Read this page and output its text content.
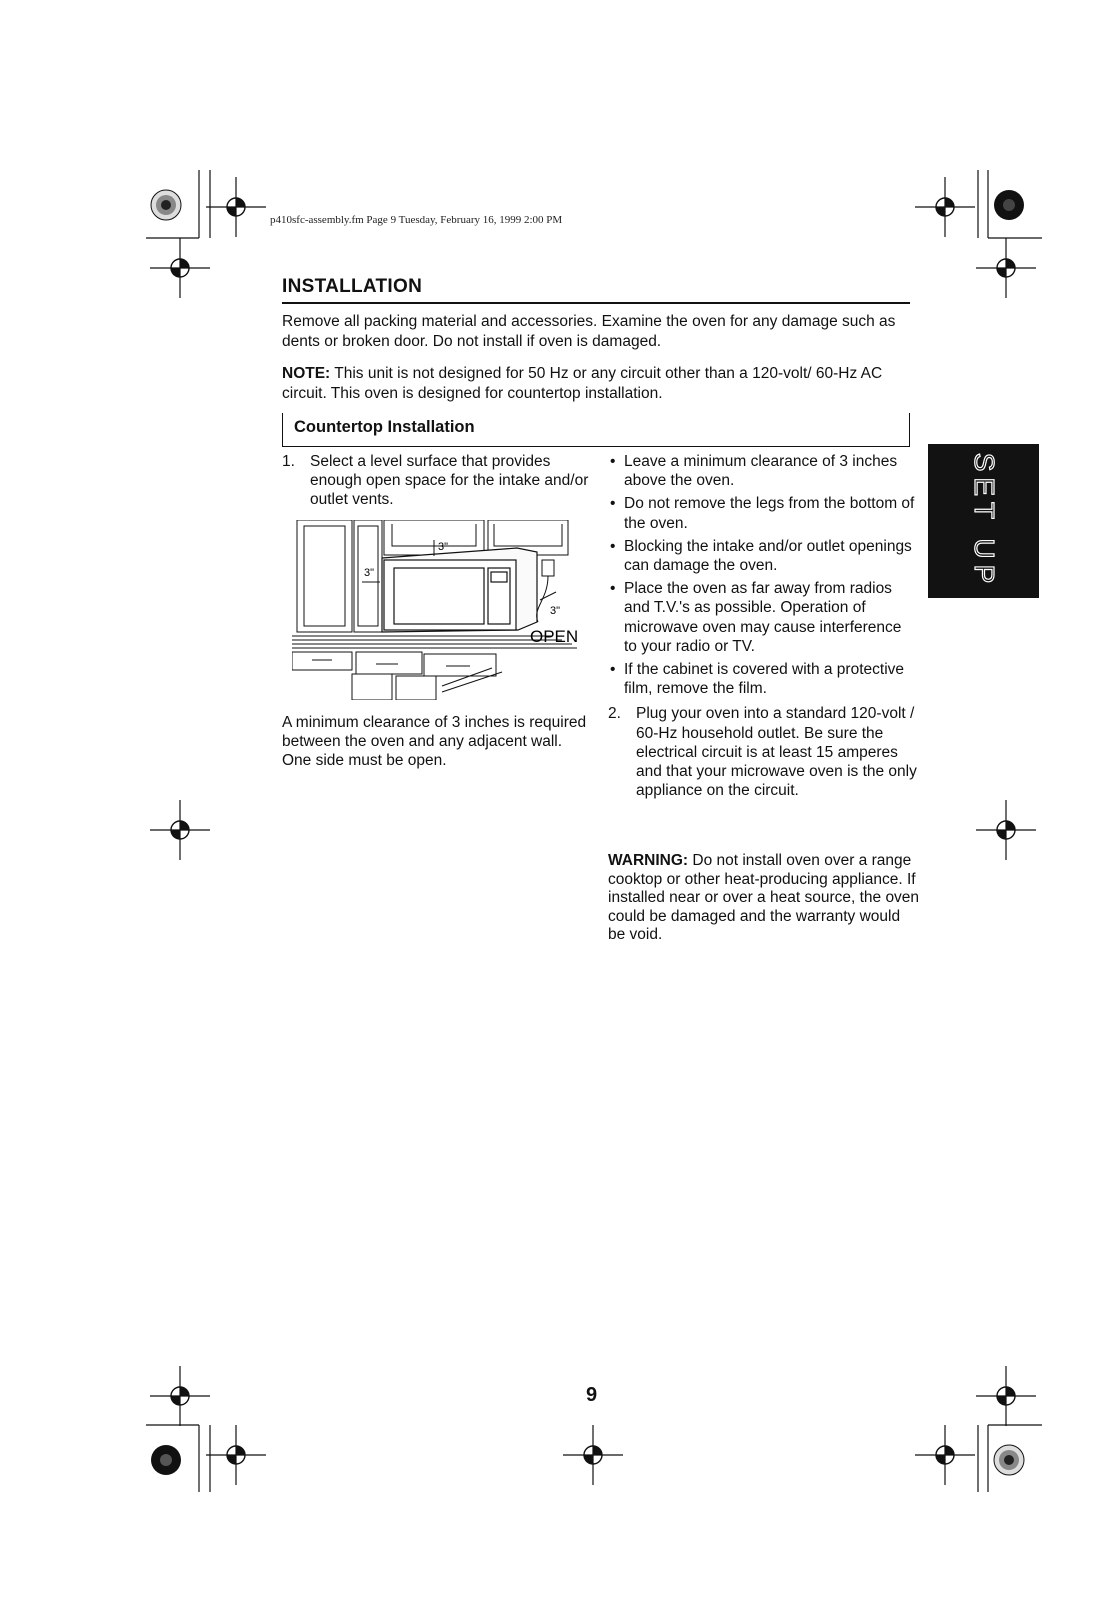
p410sfc-assembly.fm Page 9 Tuesday, February 16, 1999 2:00 PM
INSTALLATION
Remove all packing material and accessories. Examine the oven for any damage such as dents or broken door. Do not install if oven is damaged.
NOTE: This unit is not designed for 50 Hz or any circuit other than a 120-volt/ 60-Hz AC circuit. This oven is designed for countertop installation.
Countertop Installation
1. Select a level surface that provides enough open space for the intake and/or outlet vents.
3"
3"
3"
OPEN
A minimum clearance of 3 inches is required between the oven and any adjacent wall. One side must be open.
• Leave a minimum clearance of 3 inches above the oven.
• Do not remove the legs from the bottom of the oven.
• Blocking the intake and/or outlet openings can damage the oven.
• Place the oven as far away from radios and T.V.'s as possible. Operation of microwave oven may cause interference to your radio or TV.
• If the cabinet is covered with a protective film, remove the film.
2. Plug your oven into a standard 120-volt / 60-Hz household outlet. Be sure the electrical circuit is at least 15 amperes and that your microwave oven is the only appliance on the circuit.
WARNING: Do not install oven over a range cooktop or other heat-producing appliance. If installed near or over a heat source, the oven could be damaged and the warranty would be void.
SET UP
9
